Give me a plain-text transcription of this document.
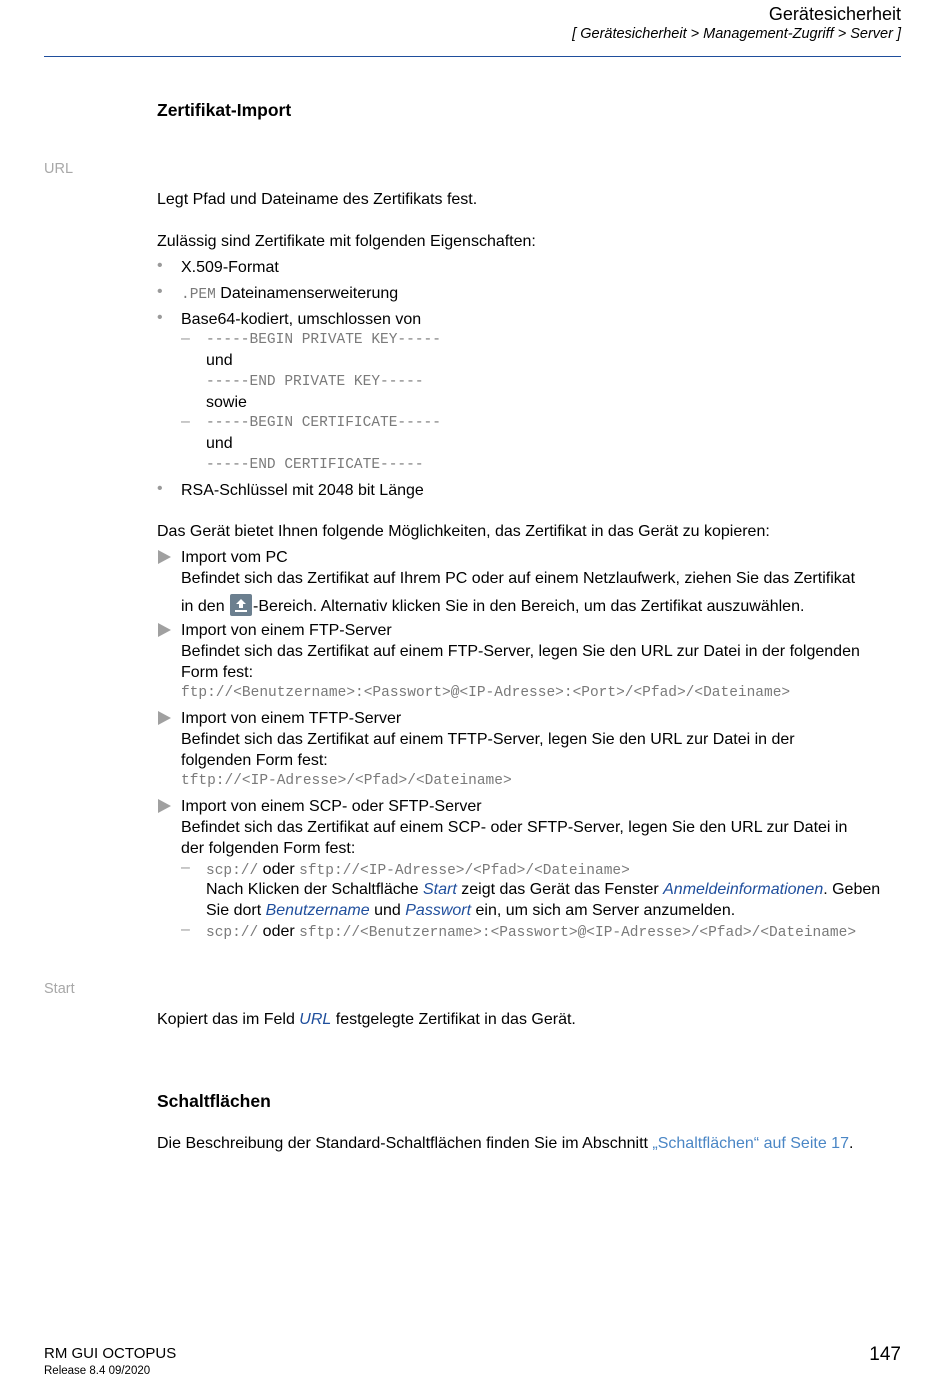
Gerätesicherheit
[ Gerätesicherheit > Management-Zugriff > Server ]
Zertifikat-Import
URL
Legt Pfad und Dateiname des Zertifikats fest.
Zulässig sind Zertifikate mit folgenden Eigenschaften:
• X.509-Format
• .PEM Dateinamenserweiterung
• Base64-kodiert, umschlossen von
– -----BEGIN PRIVATE KEY-----
und
-----END PRIVATE KEY-----
sowie
– -----BEGIN CERTIFICATE-----
und
-----END CERTIFICATE-----
• RSA-Schlüssel mit 2048 bit Länge
Das Gerät bietet Ihnen folgende Möglichkeiten, das Zertifikat in das Gerät zu kopieren:
Import vom PC
Befindet sich das Zertifikat auf Ihrem PC oder auf einem Netzlaufwerk, ziehen Sie das Zertifikat
in den
-Bereich. Alternativ klicken Sie in den Bereich, um das Zertifikat auszuwählen.
Import von einem FTP-Server
Befindet sich das Zertifikat auf einem FTP-Server, legen Sie den URL zur Datei in der folgenden
Form fest:
ftp://<Benutzername>:<Passwort>@<IP-Adresse>:<Port>/<Pfad>/<Dateiname>
Import von einem TFTP-Server
Befindet sich das Zertifikat auf einem TFTP-Server, legen Sie den URL zur Datei in der
folgenden Form fest:
tftp://<IP-Adresse>/<Pfad>/<Dateiname>
Import von einem SCP- oder SFTP-Server
Befindet sich das Zertifikat auf einem SCP- oder SFTP-Server, legen Sie den URL zur Datei in
der folgenden Form fest:
– scp:// oder sftp://<IP-Adresse>/<Pfad>/<Dateiname>
Nach Klicken der Schaltfläche Start zeigt das Gerät das Fenster Anmeldeinformationen. Geben
Sie dort Benutzername und Passwort ein, um sich am Server anzumelden.
– scp:// oder sftp://<Benutzername>:<Passwort>@<IP-Adresse>/<Pfad>/<Dateiname>
Start
Kopiert das im Feld URL festgelegte Zertifikat in das Gerät.
Schaltflächen
Die Beschreibung der Standard-Schaltflächen finden Sie im Abschnitt „Schaltflächen“ auf Seite 17.
RM GUI OCTOPUS
Release 8.4 09/2020
147
